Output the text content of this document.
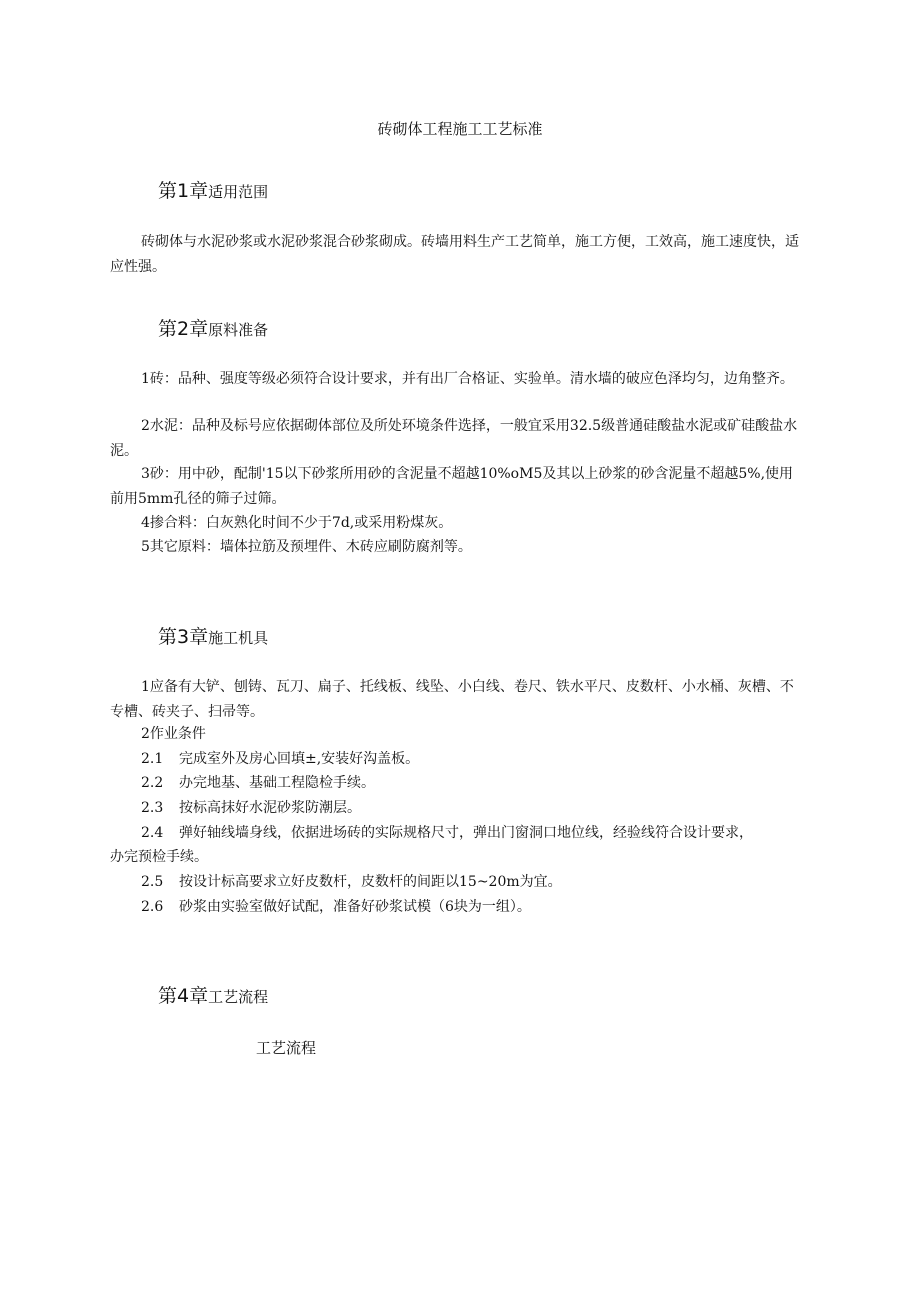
砖砌体工程施工工艺标准
第1章适用范围
砖砌体与水泥砂浆或水泥砂浆混合砂浆砌成。砖墙用料生产工艺简单，施工方便，工效高，施工速度快，适应性强。
第2章原料准备
1砖：品种、强度等级必须符合设计要求，并有出厂合格证、实验单。清水墙的破应色泽均匀，边角整齐。
2水泥：品种及标号应依据砌体部位及所处环境条件选择，一般宜采用32.5级普通硅酸盐水泥或矿硅酸盐水泥。
3砂：用中砂，配制'15以下砂浆所用砂的含泥量不超越10%oM5及其以上砂浆的砂含泥量不超越5%,使用前用5mm孔径的筛子过筛。
4掺合料：白灰熟化时间不少于7d,或采用粉煤灰。
5其它原料：墙体拉筋及预埋件、木砖应刷防腐剂等。
第3章施工机具
1应备有大铲、刨铸、瓦刀、扁子、托线板、线坠、小白线、卷尺、铁水平尺、皮数杆、小水桶、灰槽、不专槽、砖夹子、扫帚等。
2作业条件
2.1 完成室外及房心回填±,安装好沟盖板。
2.2 办完地基、基础工程隐检手续。
2.3 按标高抹好水泥砂浆防潮层。
2.4 弹好轴线墙身线，依据进场砖的实际规格尺寸，弹出门窗洞口地位线，经验线符合设计要求，
办完预检手续。
2.5 按设计标高要求立好皮数杆，皮数杆的间距以15~20m为宜。
2.6 砂浆由实验室做好试配，准备好砂浆试模（6块为一组）。
第4章工艺流程
工艺流程
